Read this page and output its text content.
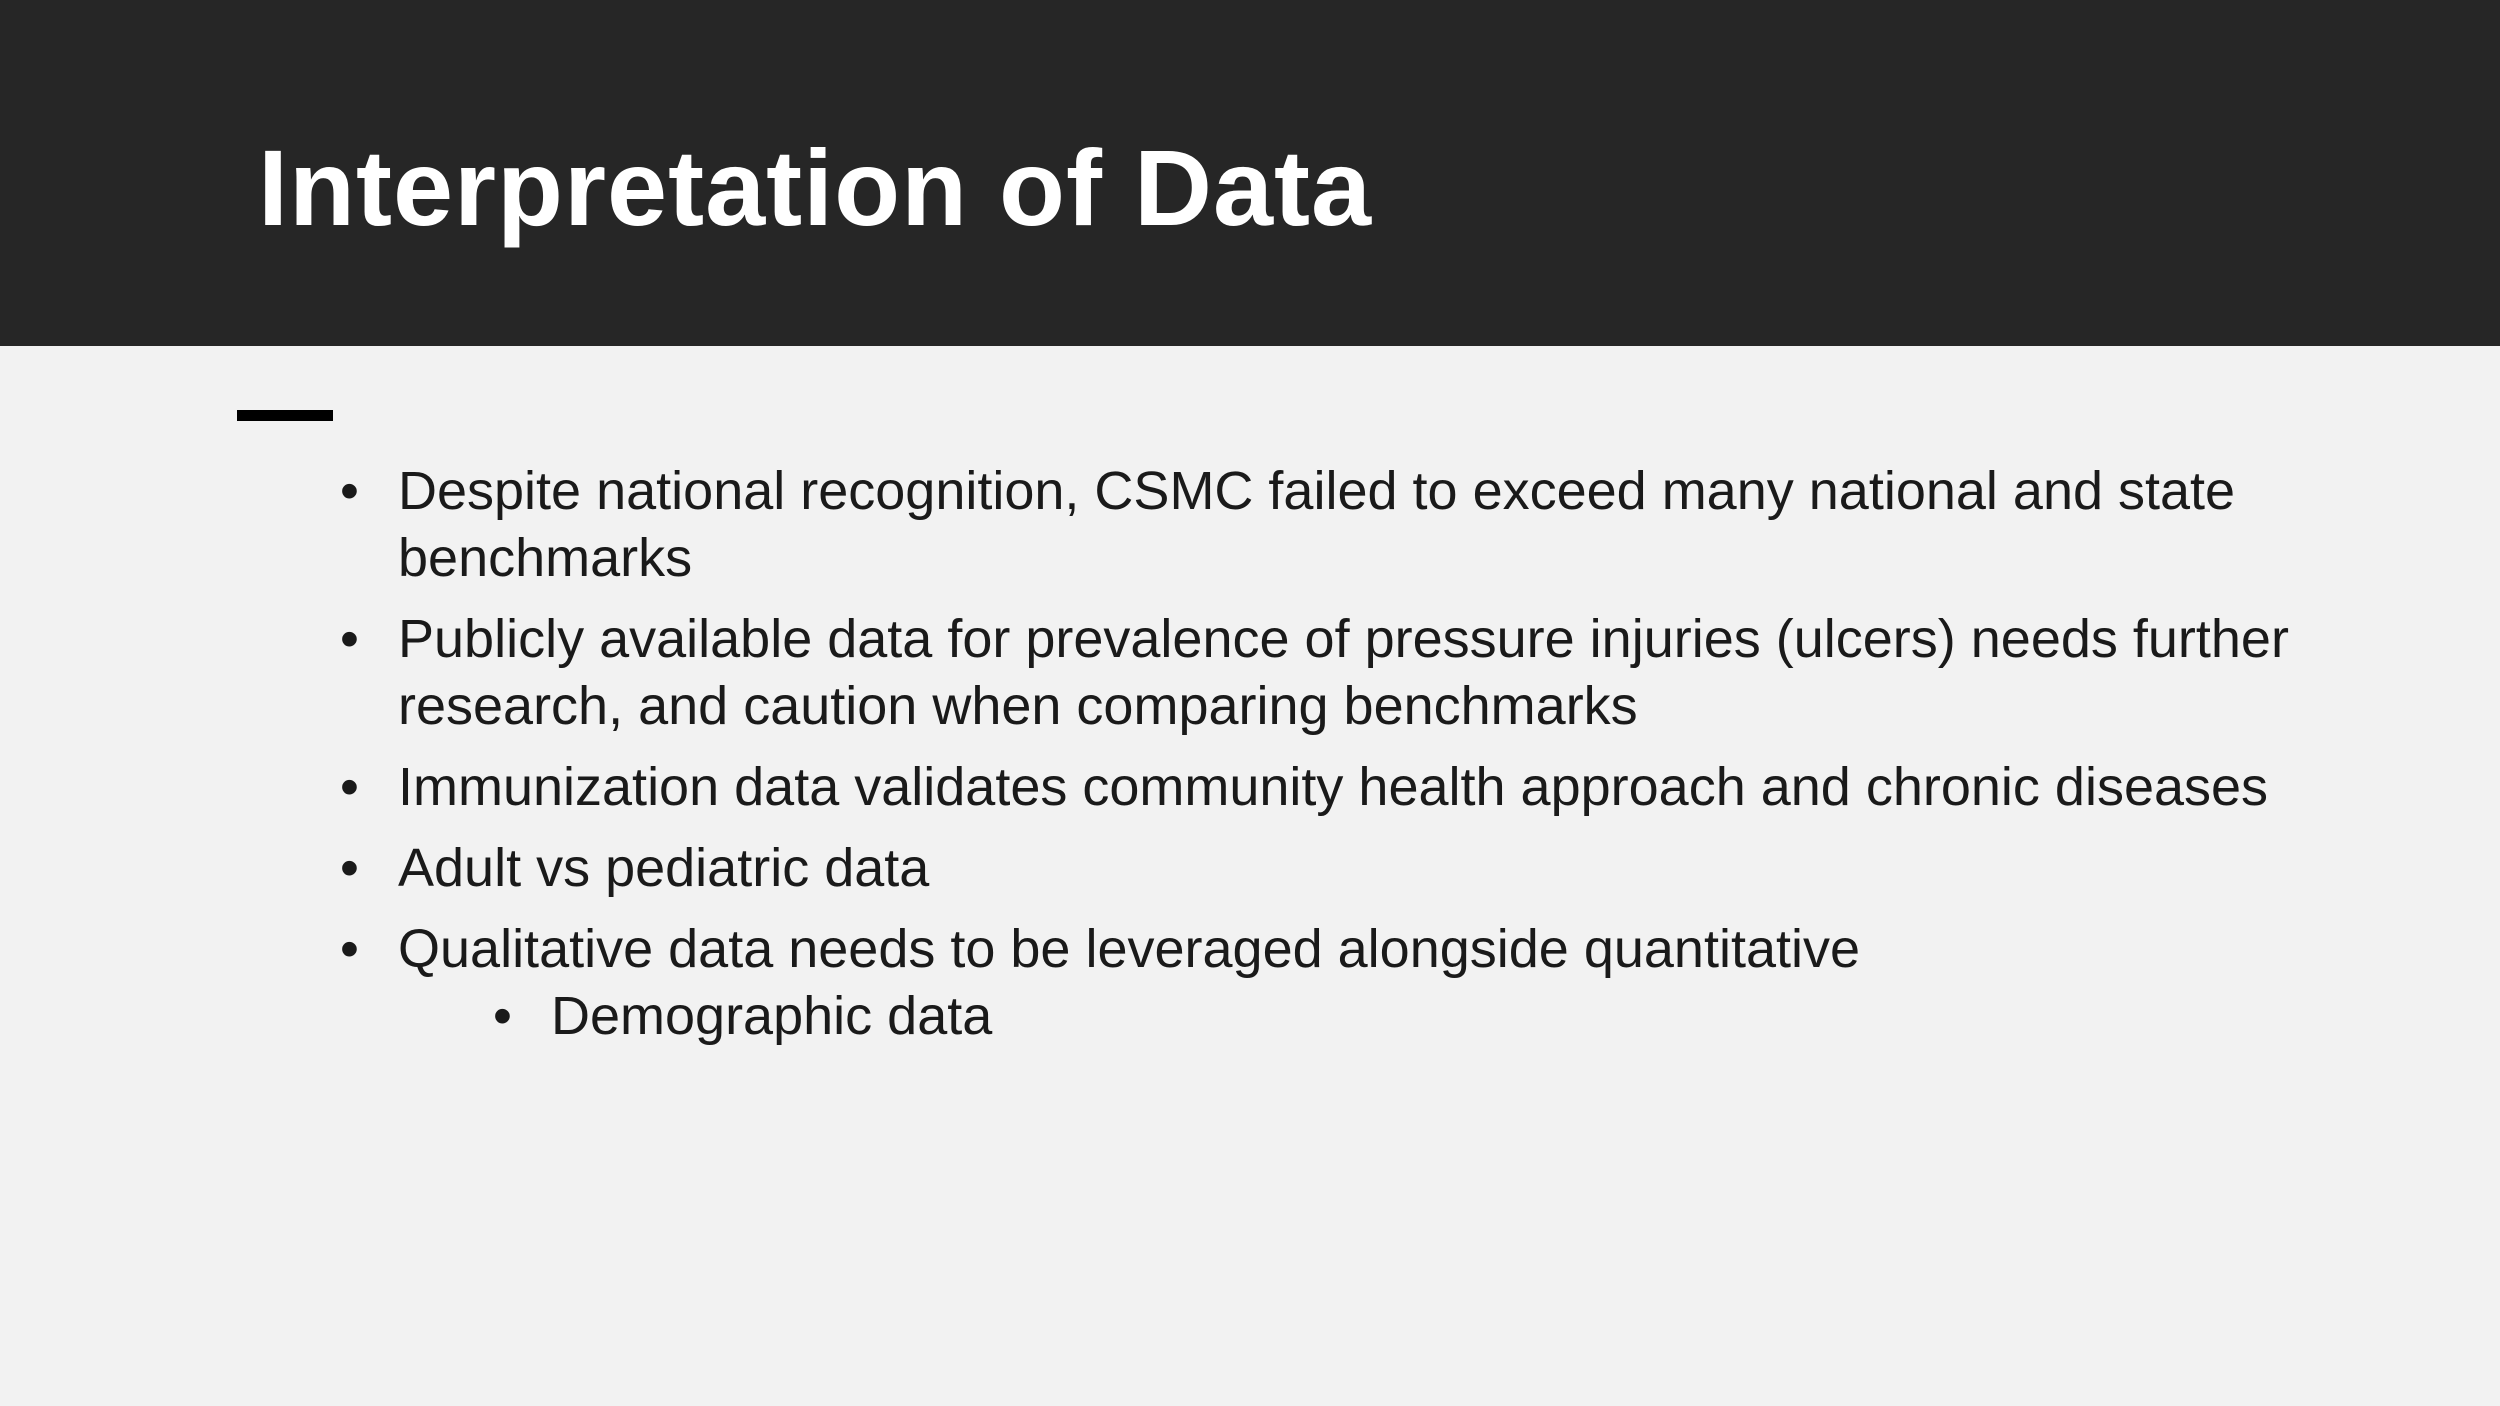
Interpretation of Data
• Despite national recognition, CSMC failed to exceed many national and state benchmarks
• Publicly available data for prevalence of pressure injuries (ulcers) needs further research, and caution when comparing benchmarks
• Immunization data validates community health approach and chronic diseases
• Adult vs pediatric data
• Qualitative data needs to be leveraged alongside quantitative
• Demographic data
